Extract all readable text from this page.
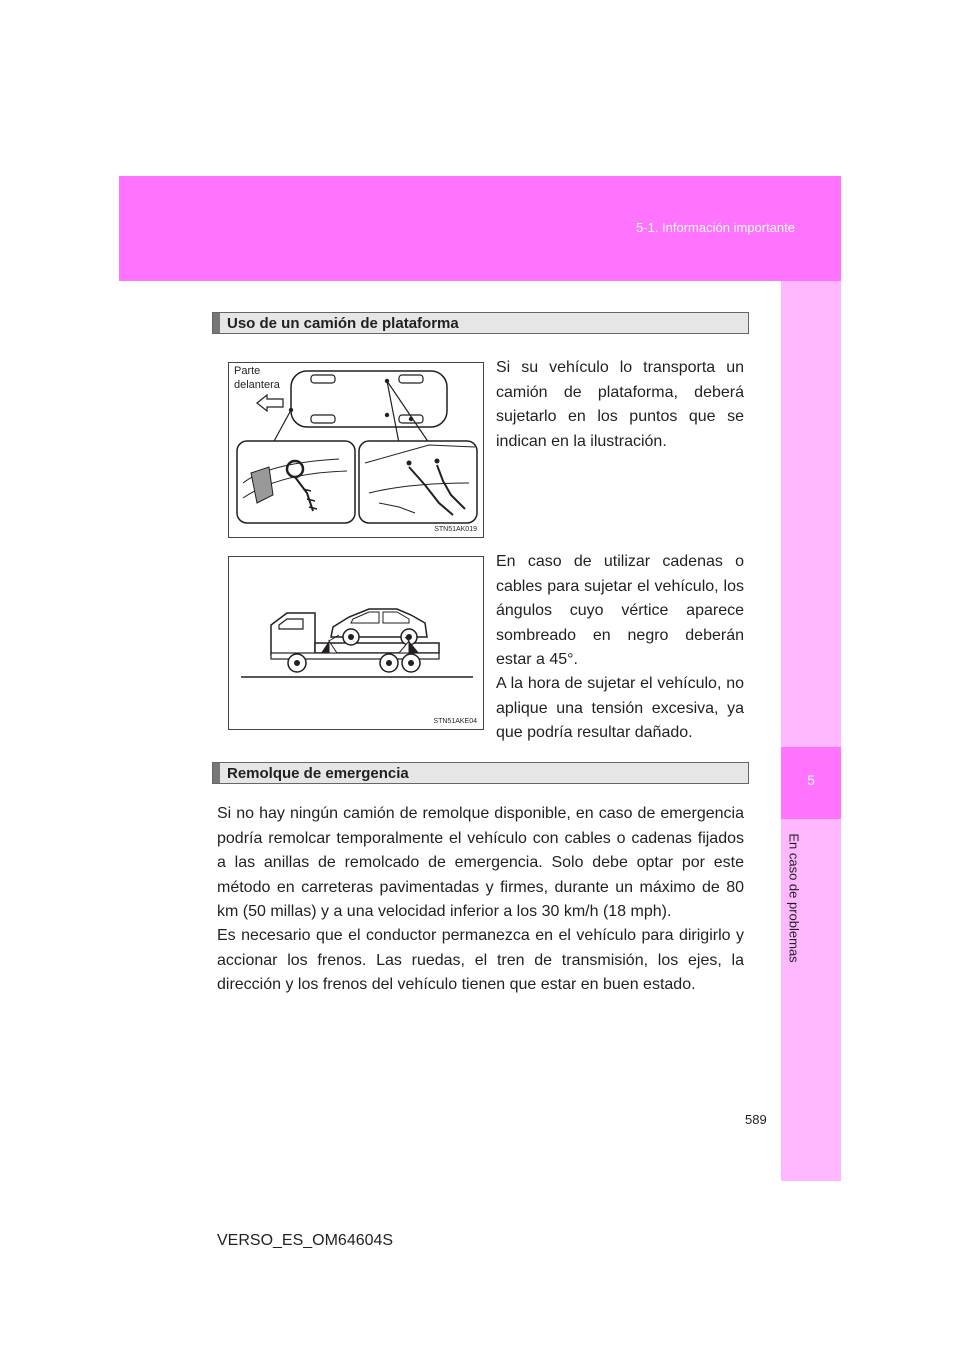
5-1. Información importante
5
En caso de problemas
Uso de un camión de plataforma
Parte
delantera
STN51AK019

Si su vehículo lo transporta un camión de plataforma, deberá sujetarlo en los puntos que se indican en la ilustración.

STN51AKE04

En caso de utilizar cadenas o cables para sujetar el vehículo, los ángulos cuyo vértice aparece sombreado en negro deberán estar a 45°.

A la hora de sujetar el vehículo, no aplique una tensión excesiva, ya que podría resultar dañado.

Remolque de emergencia

Si no hay ningún camión de remolque disponible, en caso de emergencia podría remolcar temporalmente el vehículo con cables o cadenas fijados a las anillas de remolcado de emergencia. Solo debe optar por este método en carreteras pavimentadas y firmes, durante un máximo de 80 km (50 millas) y a una velocidad inferior a los 30 km/h (18 mph).

Es necesario que el conductor permanezca en el vehículo para dirigirlo y accionar los frenos. Las ruedas, el tren de transmisión, los ejes, la dirección y los frenos del vehículo tienen que estar en buen estado.

589
VERSO_ES_OM64604S
